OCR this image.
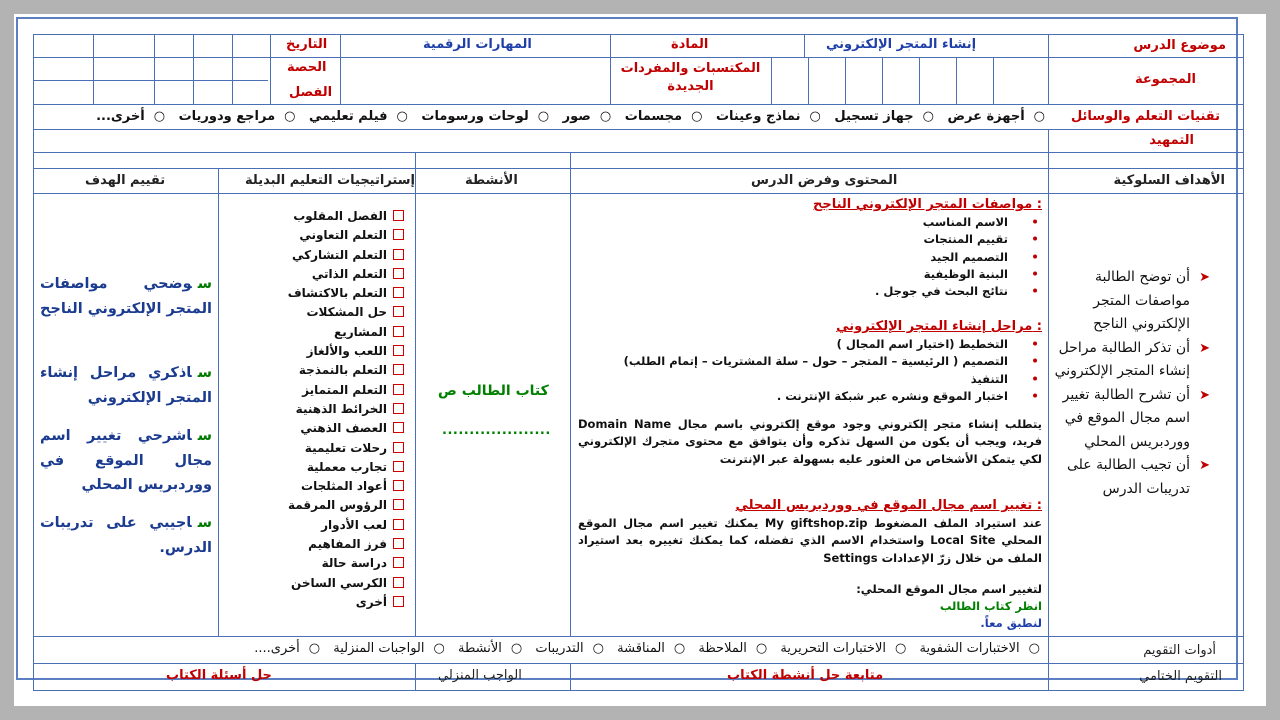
موضوع الدرس
إنشاء المتجر الإلكتروني
المادة
المهارات الرقمية
التاريخ
المجموعة
المكتسبات والمفردات الجديدة
الحصة
الفصل
تقنيات التعلم والوسائل
○أجهزة عرض ○جهاز تسجيل ○نماذج وعينات ○مجسمات ○صور ○لوحات ورسومات ○فيلم تعليمي ○مراجع ودوريات ○أخرى...
التمهيد
الأهداف السلوكية
المحتوى وفرض الدرس
الأنشطة
إستراتيجيات التعليم البديلة
تقييم الهدف
➤
أن توضح الطالبة مواصفات المتجر الإلكتروني الناجح
➤
أن تذكر الطالبة مراحل إنشاء المتجر الإلكتروني
➤
أن تشرح الطالبة تغيير اسم مجال الموقع في ووردبريس المحلي
➤
أن تجيب الطالبة على تدريبات الدرس
مواصفات المتجر الإلكتروني الناجح :
• الاسم المناسب
• تقييم المنتجات
• التصميم الجيد
• البنية الوظيفية
• نتائج البحث في جوجل .
مراحل إنشاء المتجر الإلكتروني :
• التخطيط (اختيار اسم المجال )
• التصميم ( الرئيسية – المتجر – حول – سلة المشتريات – إتمام الطلب)
• التنفيذ
• اختبار الموقع ونشره عبر شبكة الإنترنت .
يتطلب إنشاء متجر إلكتروني وجود موقع إلكتروني باسم مجال Domain Name فريد، ويجب أن يكون من السهل تذكره وأن يتوافق مع محتوى متجرك الإلكتروني لكي يتمكن الأشخاص من العثور عليه بسهولة عبر الإنترنت
تغيير اسم مجال الموقع في ووردبريس المحلي :
عند استيراد الملف المضغوط My giftshop.zip يمكنك تغيير اسم مجال الموقع المحلي Local Site واستخدام الاسم الذي تفضله، كما يمكنك تغييره بعد استيراد الملف من خلال زرّ الإعدادات Settings
لتغيير اسم مجال الموقع المحلي:
انظر كتاب الطالب
لنطبق معاً.
كتاب الطالب ص
....................
الفصل المقلوب
التعلم التعاوني
التعلم التشاركي
التعلم الذاتي
التعلم بالاكتشاف
حل المشكلات
المشاريع
اللعب والألغاز
التعلم بالنمذجة
التعلم المتمايز
الخرائط الذهنية
العصف الذهني
رحلات تعليمية
تجارب معملية
أعواد المثلجات
الرؤوس المرقمة
لعب الأدوار
فرز المفاهيم
دراسة حالة
الكرسي الساخن
أخرى
سوضحي مواصفات المتجر الإلكتروني الناجح
ساذكري مراحل إنشاء المتجر الإلكتروني
ساشرحي تغيير اسم مجال الموقع في ووردبريس المحلي
ساجيبي على تدريبات الدرس.
أدوات التقويم
○الاختبارات الشفوية ○الاختبارات التحريرية ○الملاحظة ○المناقشة ○التدريبات ○الأنشطة ○الواجبات المنزلية ○أخرى....
التقويم الختامي
متابعة حل أنشطة الكتاب
الواجب المنزلي
حل أسئلة الكتاب
